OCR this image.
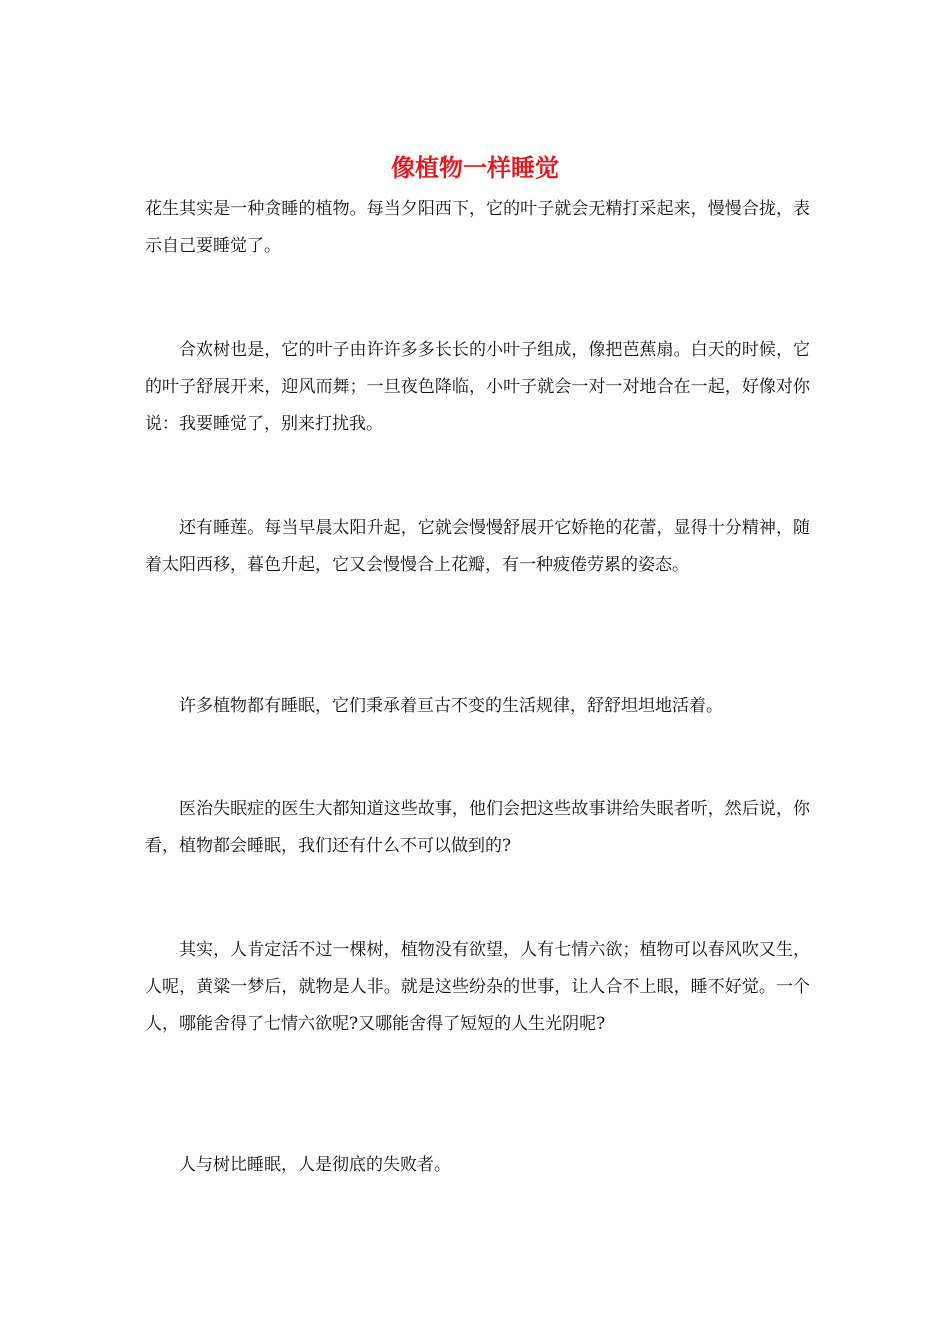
像植物一样睡觉

花生其实是一种贪睡的植物。每当夕阳西下，它的叶子就会无精打采起来，慢慢合拢，表示自己要睡觉了。

合欢树也是，它的叶子由许许多多长长的小叶子组成，像把芭蕉扇。白天的时候，它的叶子舒展开来，迎风而舞；一旦夜色降临，小叶子就会一对一对地合在一起，好像对你说：我要睡觉了，别来打扰我。

还有睡莲。每当早晨太阳升起，它就会慢慢舒展开它娇艳的花蕾，显得十分精神，随着太阳西移，暮色升起，它又会慢慢合上花瓣，有一种疲倦劳累的姿态。

许多植物都有睡眠，它们秉承着亘古不变的生活规律，舒舒坦坦地活着。

医治失眠症的医生大都知道这些故事，他们会把这些故事讲给失眠者听，然后说，你看，植物都会睡眠，我们还有什么不可以做到的?

其实，人肯定活不过一棵树，植物没有欲望，人有七情六欲；植物可以春风吹又生，人呢，黄粱一梦后，就物是人非。就是这些纷杂的世事，让人合不上眼，睡不好觉。一个人，哪能舍得了七情六欲呢?又哪能舍得了短短的人生光阴呢?

人与树比睡眠，人是彻底的失败者。
